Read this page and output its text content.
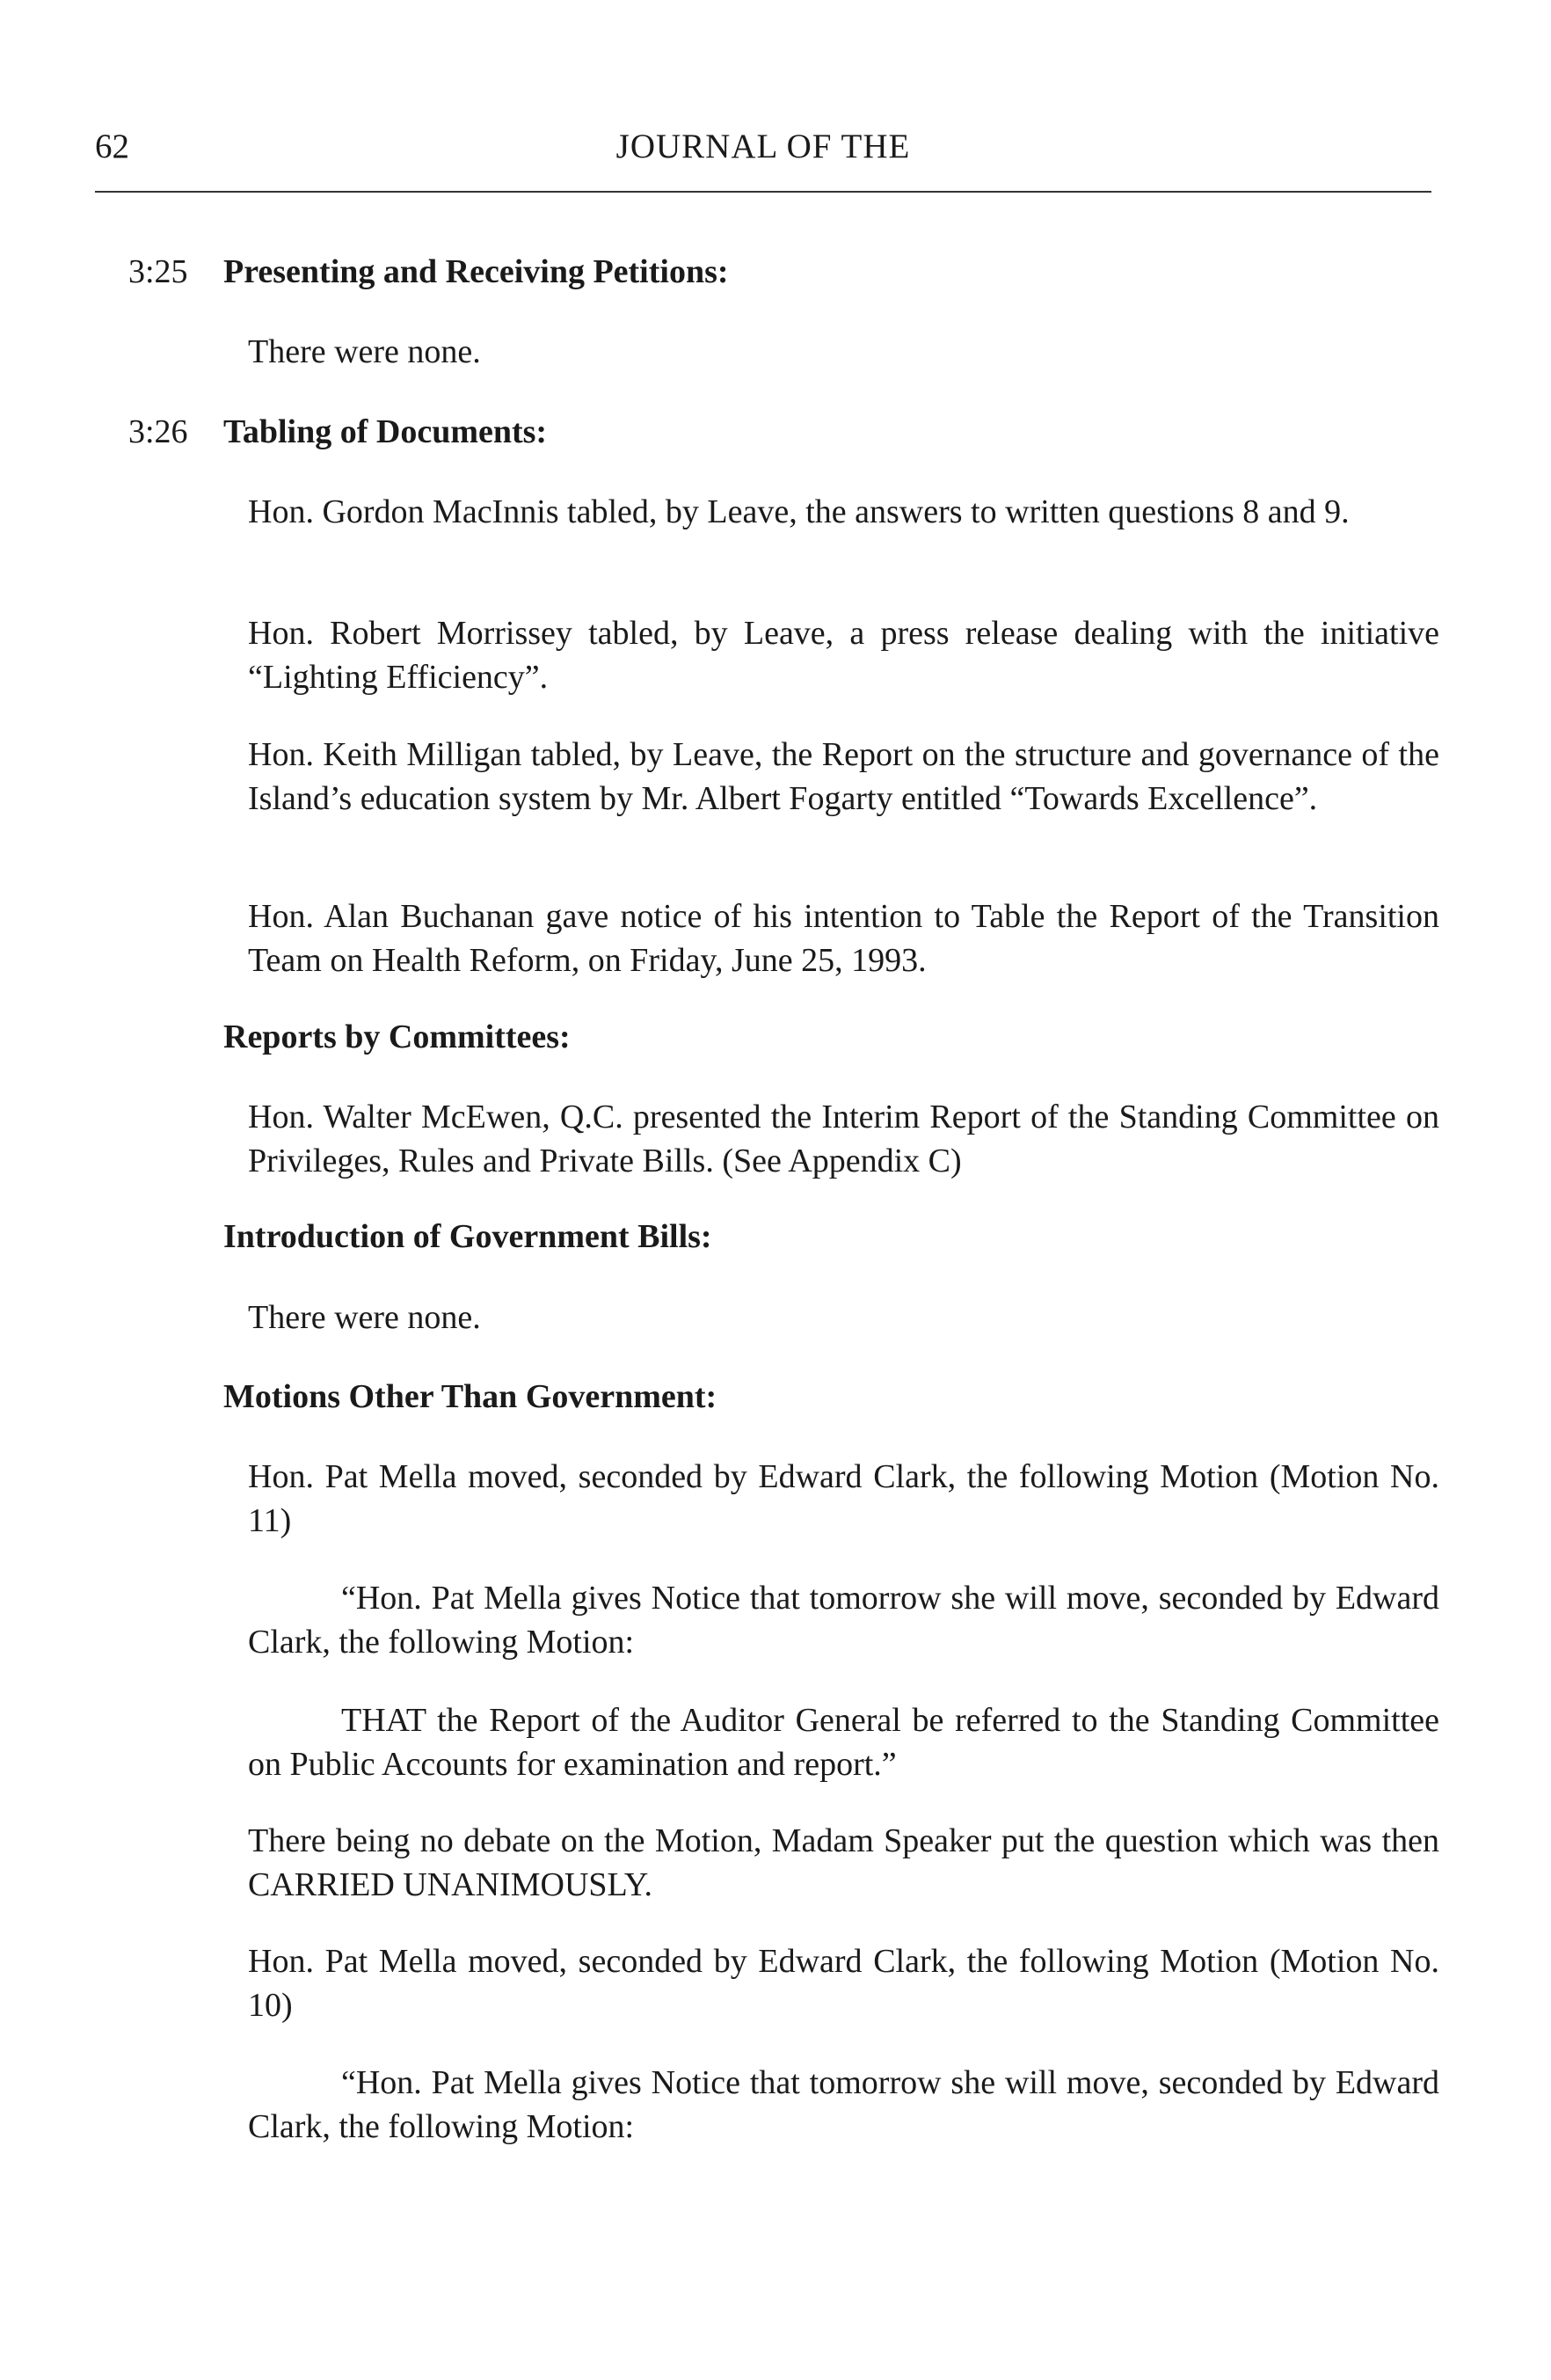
62	JOURNAL OF THE
3:25 Presenting and Receiving Petitions:
There were none.
3:26 Tabling of Documents:
Hon. Gordon MacInnis tabled, by Leave, the answers to written questions 8 and 9.
Hon. Robert Morrissey tabled, by Leave, a press release dealing with the initiative “Lighting Efficiency”.
Hon. Keith Milligan tabled, by Leave, the Report on the structure and governance of the Island’s education system by Mr. Albert Fogarty entitled “Towards Excellence”.
Hon. Alan Buchanan gave notice of his intention to Table the Report of the Transition Team on Health Reform, on Friday, June 25, 1993.
Reports by Committees:
Hon. Walter McEwen, Q.C. presented the Interim Report of the Standing Committee on Privileges, Rules and Private Bills. (See Appendix C)
Introduction of Government Bills:
There were none.
Motions Other Than Government:
Hon. Pat Mella moved, seconded by Edward Clark, the following Motion (Motion No. 11)
“Hon. Pat Mella gives Notice that tomorrow she will move, seconded by Edward Clark, the following Motion:
THAT the Report of the Auditor General be referred to the Standing Committee on Public Accounts for examination and report.”
There being no debate on the Motion, Madam Speaker put the question which was then CARRIED UNANIMOUSLY.
Hon. Pat Mella moved, seconded by Edward Clark, the following Motion (Motion No. 10)
“Hon. Pat Mella gives Notice that tomorrow she will move, seconded by Edward Clark, the following Motion:
